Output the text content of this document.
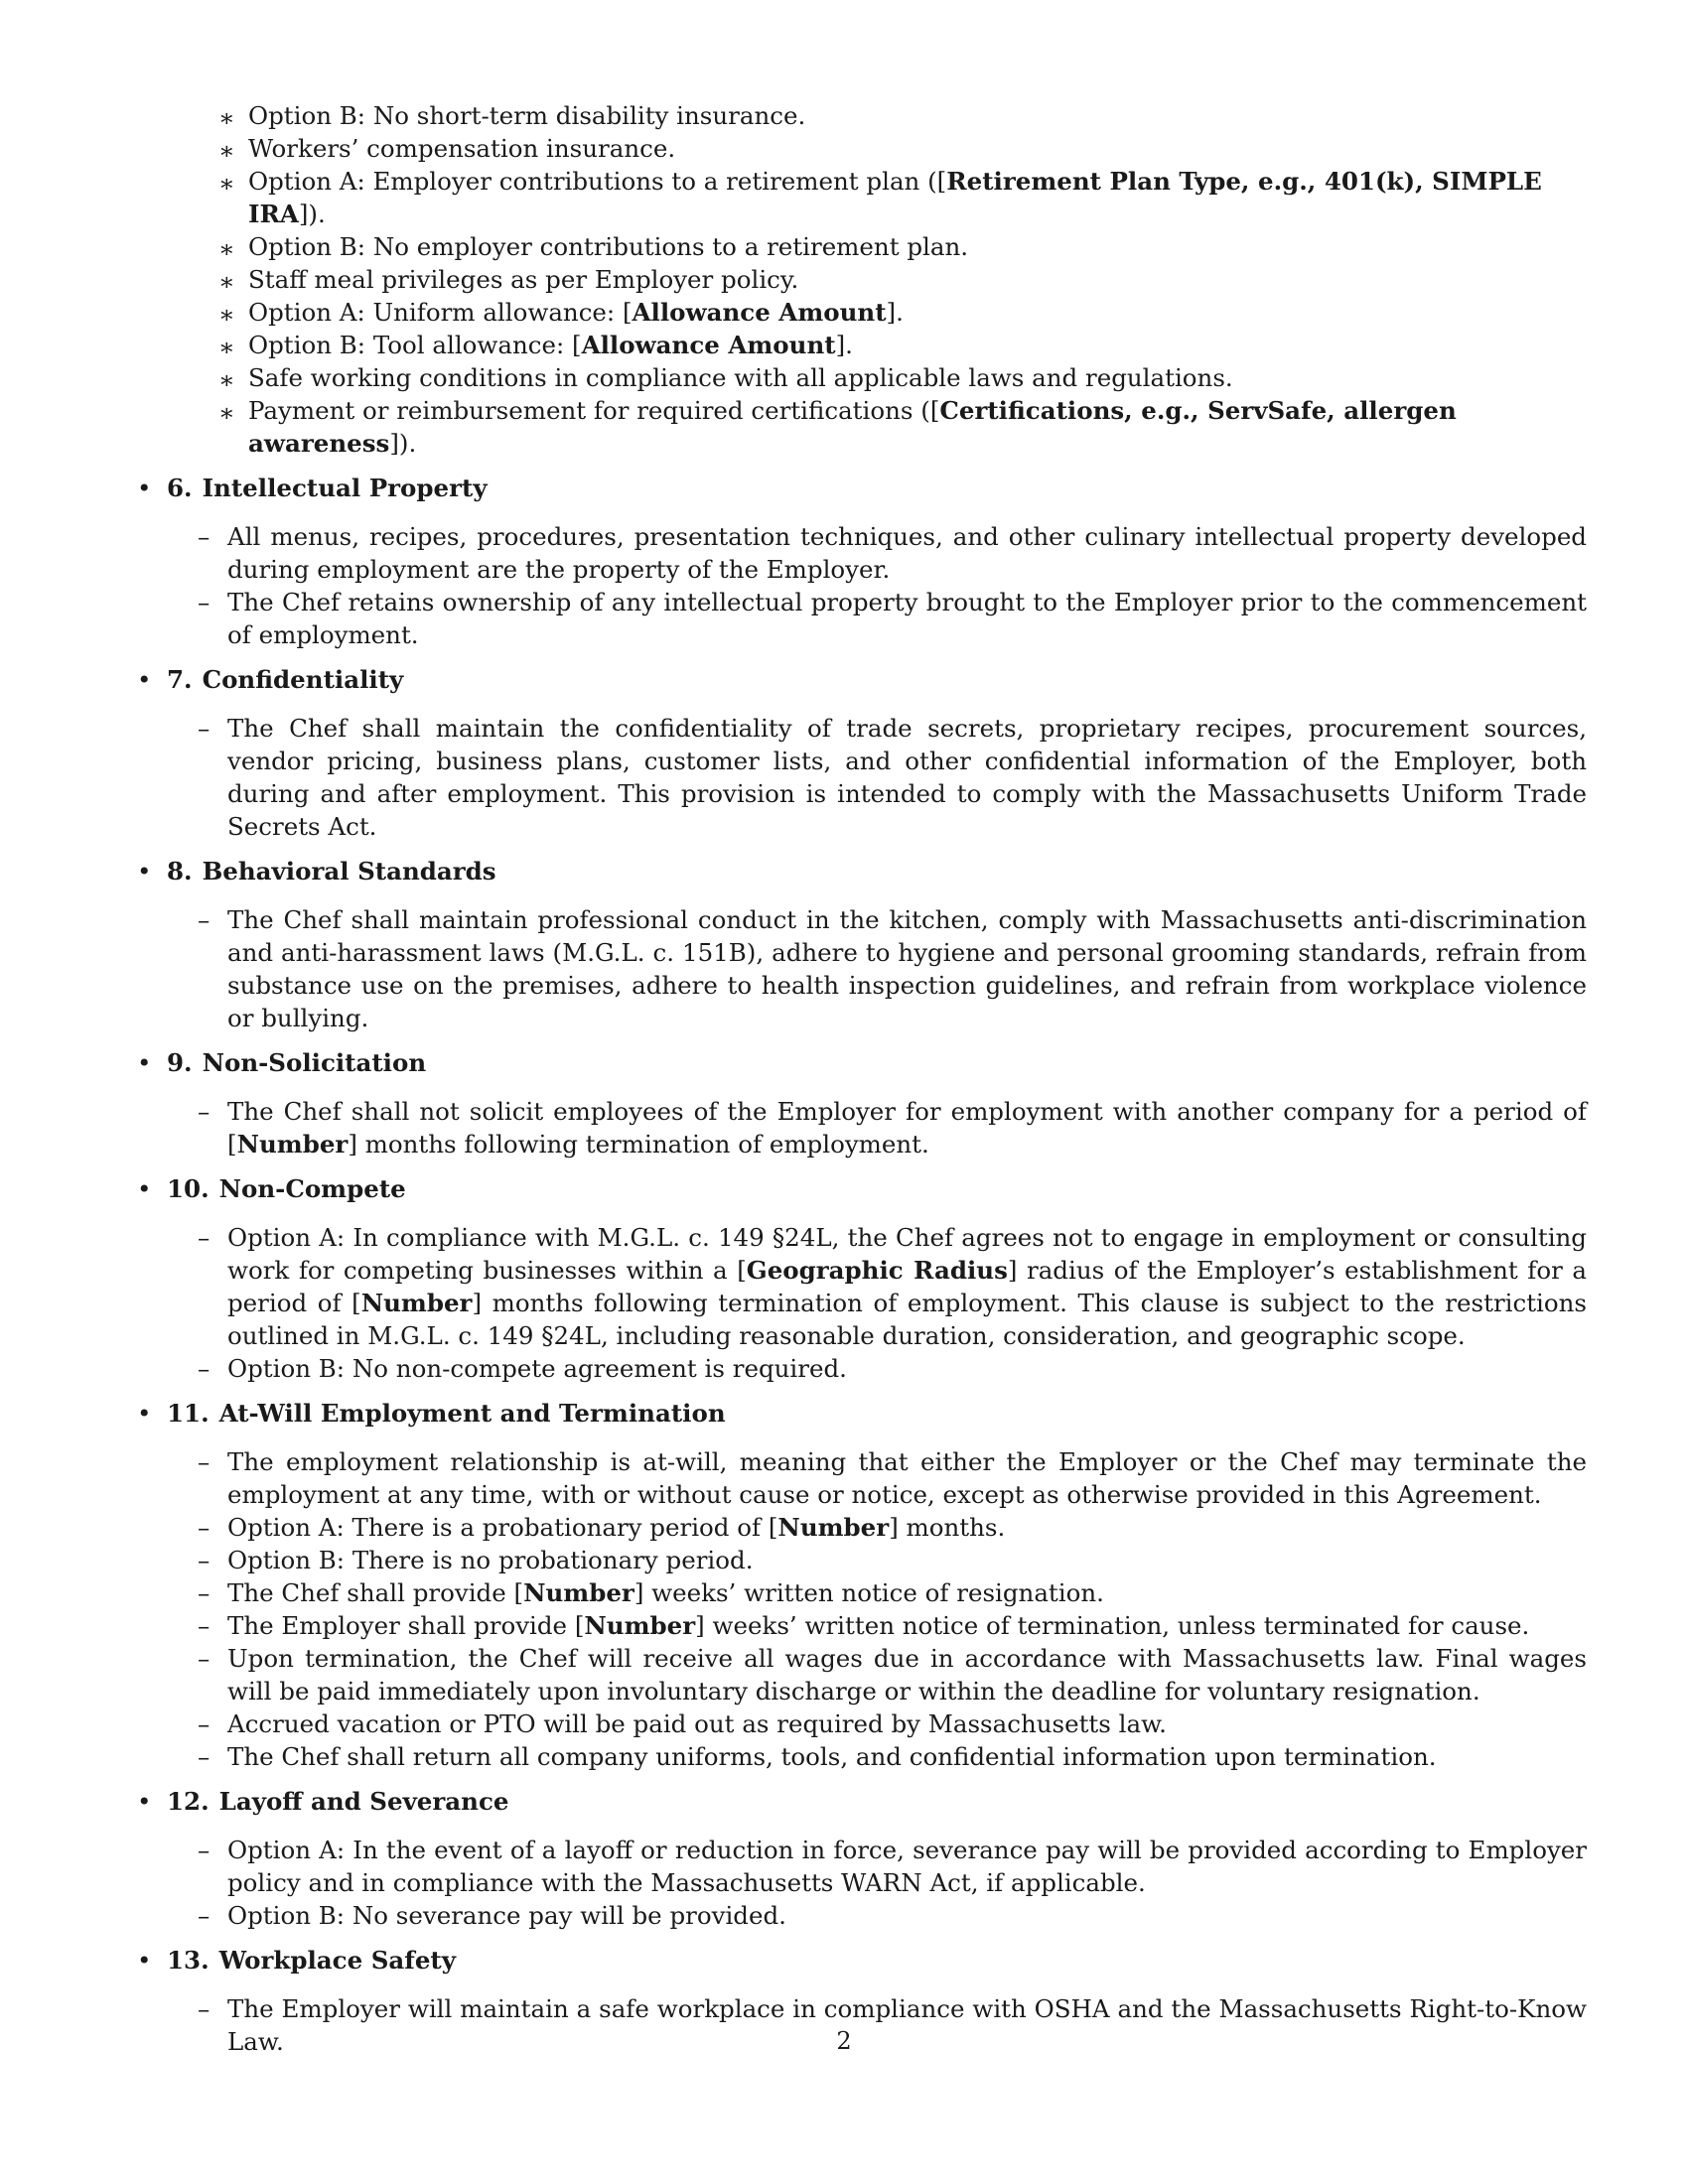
∗ Option B: No short-term disability insurance.
∗ Workers’ compensation insurance.
∗ Option A: Employer contributions to a retirement plan ([Retirement Plan Type, e.g., 401(k), SIMPLE IRA]).
∗ Option B: No employer contributions to a retirement plan.
∗ Staff meal privileges as per Employer policy.
∗ Option A: Uniform allowance: [Allowance Amount].
∗ Option B: Tool allowance: [Allowance Amount].
∗ Safe working conditions in compliance with all applicable laws and regulations.
∗ Payment or reimbursement for required certifications ([Certifications, e.g., ServSafe, allergen awareness]).
• 6. Intellectual Property
– All menus, recipes, procedures, presentation techniques, and other culinary intellectual property developed during employment are the property of the Employer.
– The Chef retains ownership of any intellectual property brought to the Employer prior to the commencement of employment.
• 7. Confidentiality
– The Chef shall maintain the confidentiality of trade secrets, proprietary recipes, procurement sources, vendor pricing, business plans, customer lists, and other confidential information of the Employer, both during and after employment. This provision is intended to comply with the Massachusetts Uniform Trade Secrets Act.
• 8. Behavioral Standards
– The Chef shall maintain professional conduct in the kitchen, comply with Massachusetts anti-discrimination and anti-harassment laws (M.G.L. c. 151B), adhere to hygiene and personal grooming standards, refrain from substance use on the premises, adhere to health inspection guidelines, and refrain from workplace violence or bullying.
• 9. Non-Solicitation
– The Chef shall not solicit employees of the Employer for employment with another company for a period of [Number] months following termination of employment.
• 10. Non-Compete
– Option A: In compliance with M.G.L. c. 149 §24L, the Chef agrees not to engage in employment or consulting work for competing businesses within a [Geographic Radius] radius of the Employer’s establishment for a period of [Number] months following termination of employment. This clause is subject to the restrictions outlined in M.G.L. c. 149 §24L, including reasonable duration, consideration, and geographic scope.
– Option B: No non-compete agreement is required.
• 11. At-Will Employment and Termination
– The employment relationship is at-will, meaning that either the Employer or the Chef may terminate the employment at any time, with or without cause or notice, except as otherwise provided in this Agreement.
– Option A: There is a probationary period of [Number] months.
– Option B: There is no probationary period.
– The Chef shall provide [Number] weeks’ written notice of resignation.
– The Employer shall provide [Number] weeks’ written notice of termination, unless terminated for cause.
– Upon termination, the Chef will receive all wages due in accordance with Massachusetts law. Final wages will be paid immediately upon involuntary discharge or within the deadline for voluntary resignation.
– Accrued vacation or PTO will be paid out as required by Massachusetts law.
– The Chef shall return all company uniforms, tools, and confidential information upon termination.
• 12. Layoff and Severance
– Option A: In the event of a layoff or reduction in force, severance pay will be provided according to Employer policy and in compliance with the Massachusetts WARN Act, if applicable.
– Option B: No severance pay will be provided.
• 13. Workplace Safety
– The Employer will maintain a safe workplace in compliance with OSHA and the Massachusetts Right-to-Know Law.	2
